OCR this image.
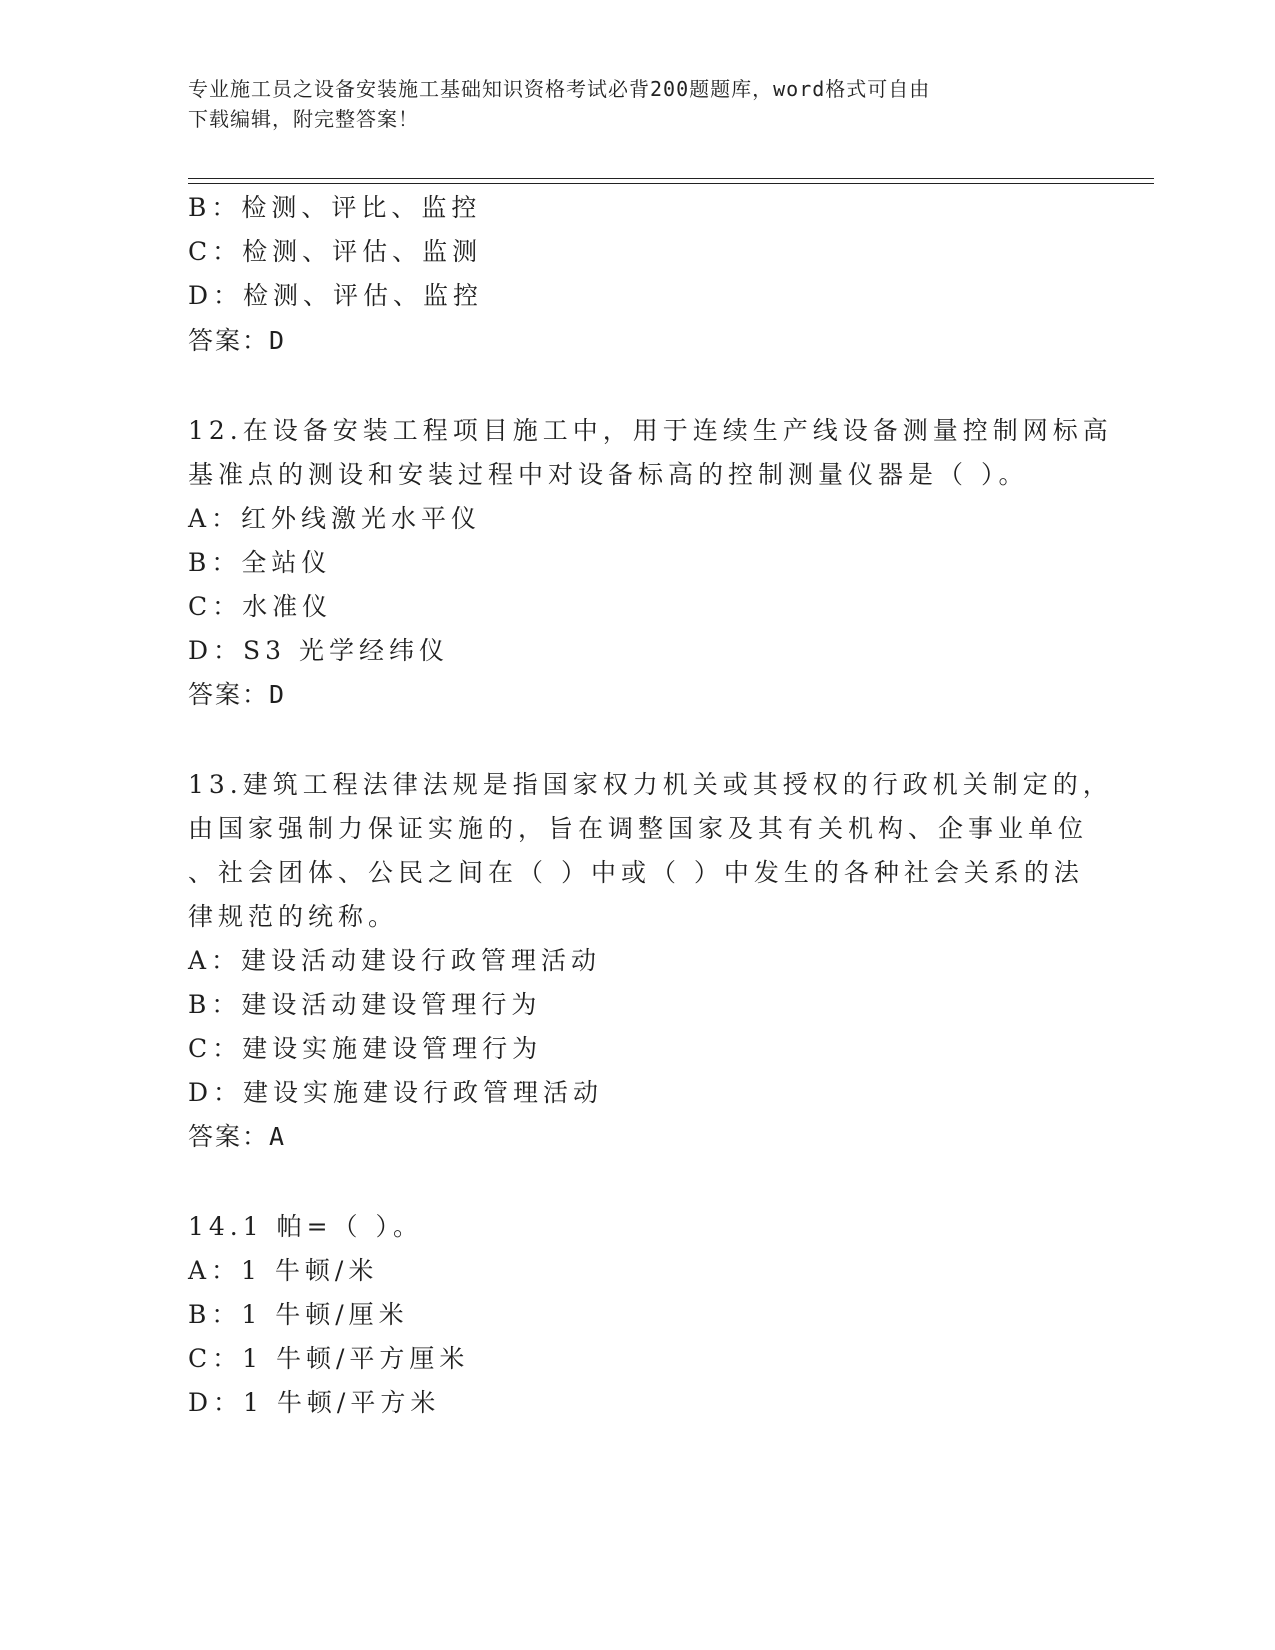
专业施工员之设备安装施工基础知识资格考试必背200题题库，word格式可自由
下载编辑，附完整答案！
B：检测、评比、监控
C：检测、评估、监测
D：检测、评估、监控
答案：D
12.在设备安装工程项目施工中，用于连续生产线设备测量控制网标高
基准点的测设和安装过程中对设备标高的控制测量仪器是（ ）。
A：红外线激光水平仪
B：全站仪
C：水准仪
D：S3 光学经纬仪
答案：D
13.建筑工程法律法规是指国家权力机关或其授权的行政机关制定的，
由国家强制力保证实施的，旨在调整国家及其有关机构、企事业单位
、社会团体、公民之间在（ ）中或（ ）中发生的各种社会关系的法
律规范的统称。
A：建设活动建设行政管理活动
B：建设活动建设管理行为
C：建设实施建设管理行为
D：建设实施建设行政管理活动
答案：A
14.1 帕=（ ）。
A：1 牛顿/米
B：1 牛顿/厘米
C：1 牛顿/平方厘米
D：1 牛顿/平方米
